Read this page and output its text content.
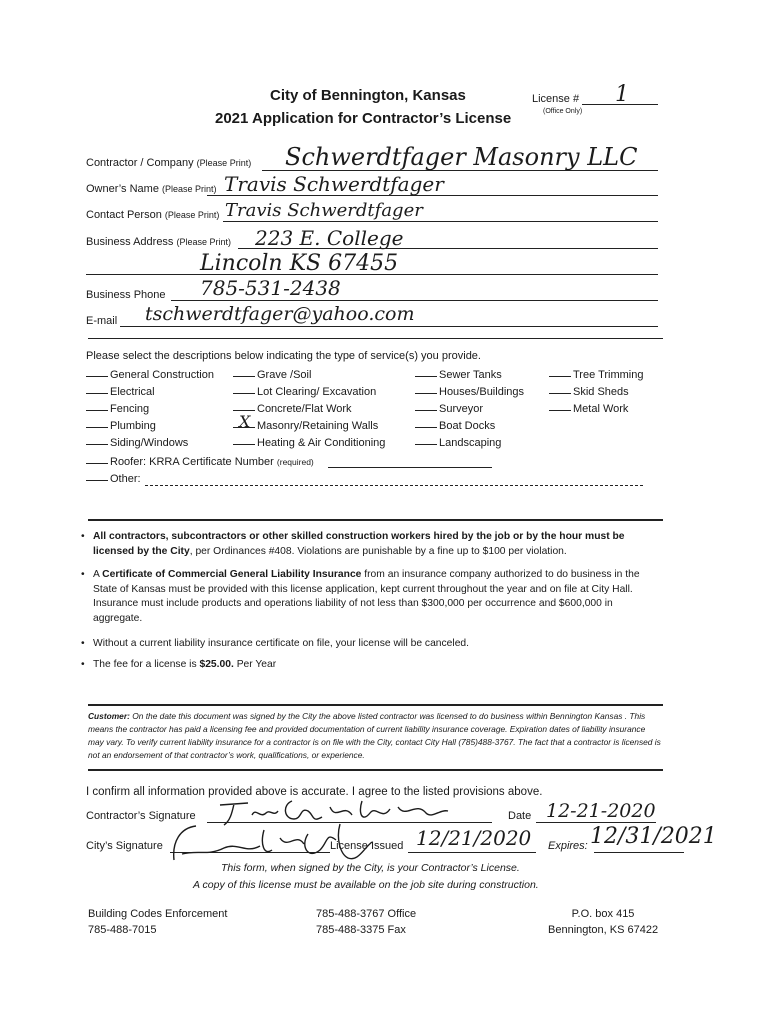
City of Bennington, Kansas
2021 Application for Contractor’s License
License # 1
(Office Only)
Contractor / Company (Please Print) Schwerdtfager Masonry LLC
Owner’s Name (Please Print) Travis Schwerdtfager
Contact Person (Please Print) Travis Schwerdtfager
Business Address (Please Print) 223 E. College
Lincoln KS 67455
Business Phone 785-531-2438
E-mail tschwerdtfager@yahoo.com
Please select the descriptions below indicating the type of service(s) you provide.
General Construction
Electrical
Fencing
Plumbing
Siding/Windows
Grave /Soil
Lot Clearing/ Excavation
Concrete/Flat Work
Masonry/Retaining Walls
X
Heating & Air Conditioning
Sewer Tanks
Houses/Buildings
Surveyor
Boat Docks
Landscaping
Tree Trimming
Skid Sheds
Metal Work
Roofer: KRRA Certificate Number (required)
Other:
• All contractors, subcontractors or other skilled construction workers hired by the job or by the hour must be licensed by the City, per Ordinances #408. Violations are punishable by a fine up to $100 per violation.
• A Certificate of Commercial General Liability Insurance from an insurance company authorized to do business in the State of Kansas must be provided with this license application, kept current throughout the year and on file at City Hall. Insurance must include products and operations liability of not less than $300,000 per occurrence and $600,000 in aggregate.
• Without a current liability insurance certificate on file, your license will be canceled.
• The fee for a license is $25.00. Per Year
Customer: On the date this document was signed by the City the above listed contractor was licensed to do business within Bennington Kansas . This means the contractor has paid a licensing fee and provided documentation of current liability insurance coverage. Expiration dates of liability insurance may vary. To verify current liability insurance for a contractor is on file with the City, contact City Hall (785)488-3767. The fact that a contractor is licensed is not an endorsement of that contractor’s work, qualifications, or experience.
I confirm all information provided above is accurate. I agree to the listed provisions above.
Contractor’s Signature	Date 12-21-2020
City’s Signature	License Issued 12/21/2020 Expires: 12/31/2021
This form, when signed by the City, is your Contractor’s License.
A copy of this license must be available on the job site during construction.
Building Codes Enforcement
785-488-7015
785-488-3767 Office
785-488-3375 Fax
P.O. box 415
Bennington, KS 67422
